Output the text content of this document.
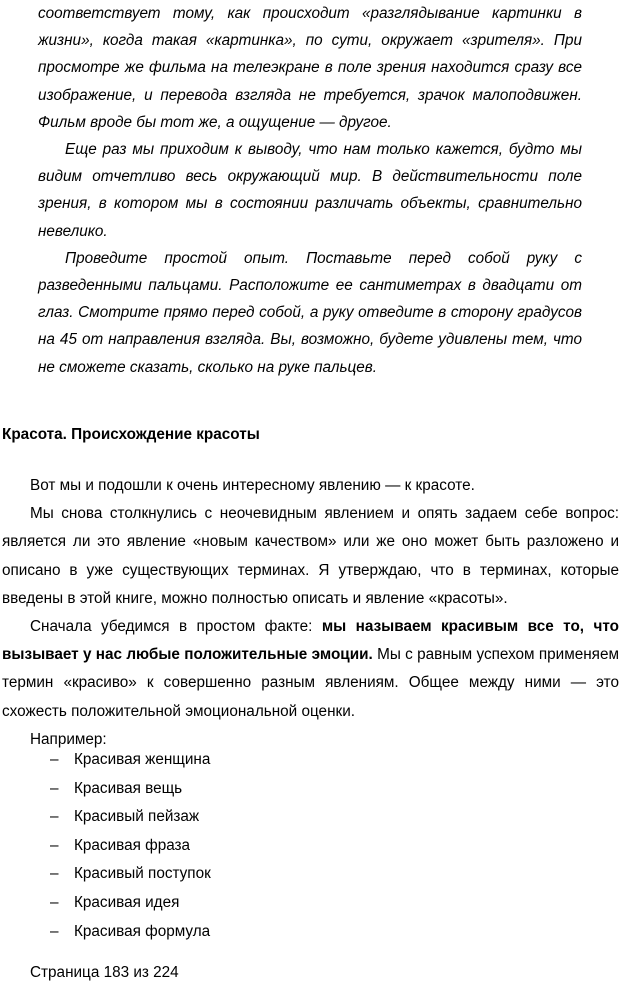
соответствует тому, как происходит «разглядывание картинки в жизни», когда такая «картинка», по сути, окружает «зрителя». При просмотре же фильма на телеэкране в поле зрения находится сразу все изображение, и перевода взгляда не требуется, зрачок малоподвижен. Фильм вроде бы тот же, а ощущение — другое.

Еще раз мы приходим к выводу, что нам только кажется, будто мы видим отчетливо весь окружающий мир. В действительности поле зрения, в котором мы в состоянии различать объекты, сравнительно невелико.

Проведите простой опыт. Поставьте перед собой руку с разведенными пальцами. Расположите ее сантиметрах в двадцати от глаз. Смотрите прямо перед собой, а руку отведите в сторону градусов на 45 от направления взгляда. Вы, возможно, будете удивлены тем, что не сможете сказать, сколько на руке пальцев.

Красота. Происхождение красоты

Вот мы и подошли к очень интересному явлению — к красоте.

Мы снова столкнулись с неочевидным явлением и опять задаем себе вопрос: является ли это явление «новым качеством» или же оно может быть разложено и описано в уже существующих терминах. Я утверждаю, что в терминах, которые введены в этой книге, можно полностью описать и явление «красоты».

Сначала убедимся в простом факте: мы называем красивым все то, что вызывает у нас любые положительные эмоции. Мы с равным успехом применяем термин «красиво» к совершенно разным явлениям. Общее между ними — это схожесть положительной эмоциональной оценки.

Например:

– Красивая женщина
– Красивая вещь
– Красивый пейзаж
– Красивая фраза
– Красивый поступок
– Красивая идея
– Красивая формула
Страница 183 из 224
